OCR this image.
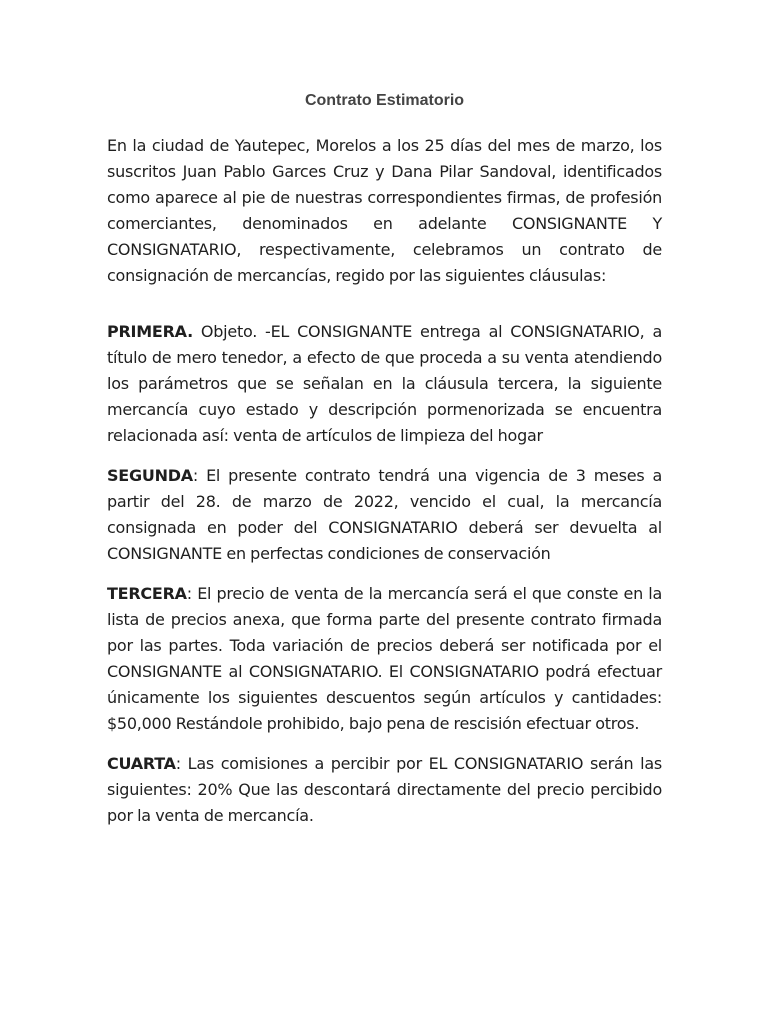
Contrato Estimatorio

En la ciudad de Yautepec, Morelos a los 25 días del mes de marzo, los suscritos Juan Pablo Garces Cruz y Dana Pilar Sandoval, identificados como aparece al pie de nuestras correspondientes firmas, de profesión comerciantes, denominados en adelante CONSIGNANTE Y CONSIGNATARIO, respectivamente, celebramos un contrato de consignación de mercancías, regido por las siguientes cláusulas:

PRIMERA. Objeto. -EL CONSIGNANTE entrega al CONSIGNATARIO, a título de mero tenedor, a efecto de que proceda a su venta atendiendo los parámetros que se señalan en la cláusula tercera, la siguiente mercancía cuyo estado y descripción pormenorizada se encuentra relacionada así: venta de artículos de limpieza del hogar

SEGUNDA: El presente contrato tendrá una vigencia de 3 meses a partir del 28. de marzo de 2022, vencido el cual, la mercancía consignada en poder del CONSIGNATARIO deberá ser devuelta al CONSIGNANTE en perfectas condiciones de conservación

TERCERA: El precio de venta de la mercancía será el que conste en la lista de precios anexa, que forma parte del presente contrato firmada por las partes. Toda variación de precios deberá ser notificada por el CONSIGNANTE al CONSIGNATARIO. El CONSIGNATARIO podrá efectuar únicamente los siguientes descuentos según artículos y cantidades: $50,000 Restándole prohibido, bajo pena de rescisión efectuar otros.

CUARTA: Las comisiones a percibir por EL CONSIGNATARIO serán las siguientes: 20% Que las descontará directamente del precio percibido por la venta de mercancía.
